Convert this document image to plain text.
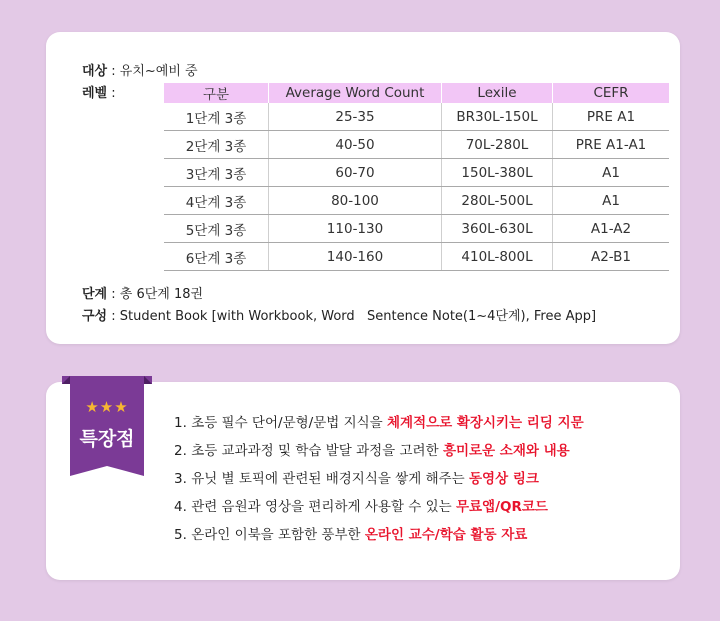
대상 : 유치~예비 중
레벨 :	구분	Average Word Count	Lexile	CEFR
1단계 3종	25-35	BR30L-150L	PRE A1
2단계 3종	40-50	70L-280L	PRE A1-A1
3단계 3종	60-70	150L-380L	A1
4단계 3종	80-100	280L-500L	A1
5단계 3종	110-130	360L-630L	A1-A2
6단계 3종	140-160	410L-800L	A2-B1
단계 : 총 6단계 18권
구성 : Student Book [with Workbook, Word   Sentence Note(1~4단계), Free App]
1. 초등 필수 단어/문형/문법 지식을 체계적으로 확장시키는 리딩 지문
2. 초등 교과과정 및 학습 발달 과정을 고려한 흥미로운 소재와 내용
3. 유닛 별 토픽에 관련된 배경지식을 쌓게 해주는 동영상 링크
4. 관련 음원과 영상을 편리하게 사용할 수 있는 무료앱/QR코드
5. 온라인 이북을 포함한 풍부한 온라인 교수/학습 활동 자료
★★★
특장점
